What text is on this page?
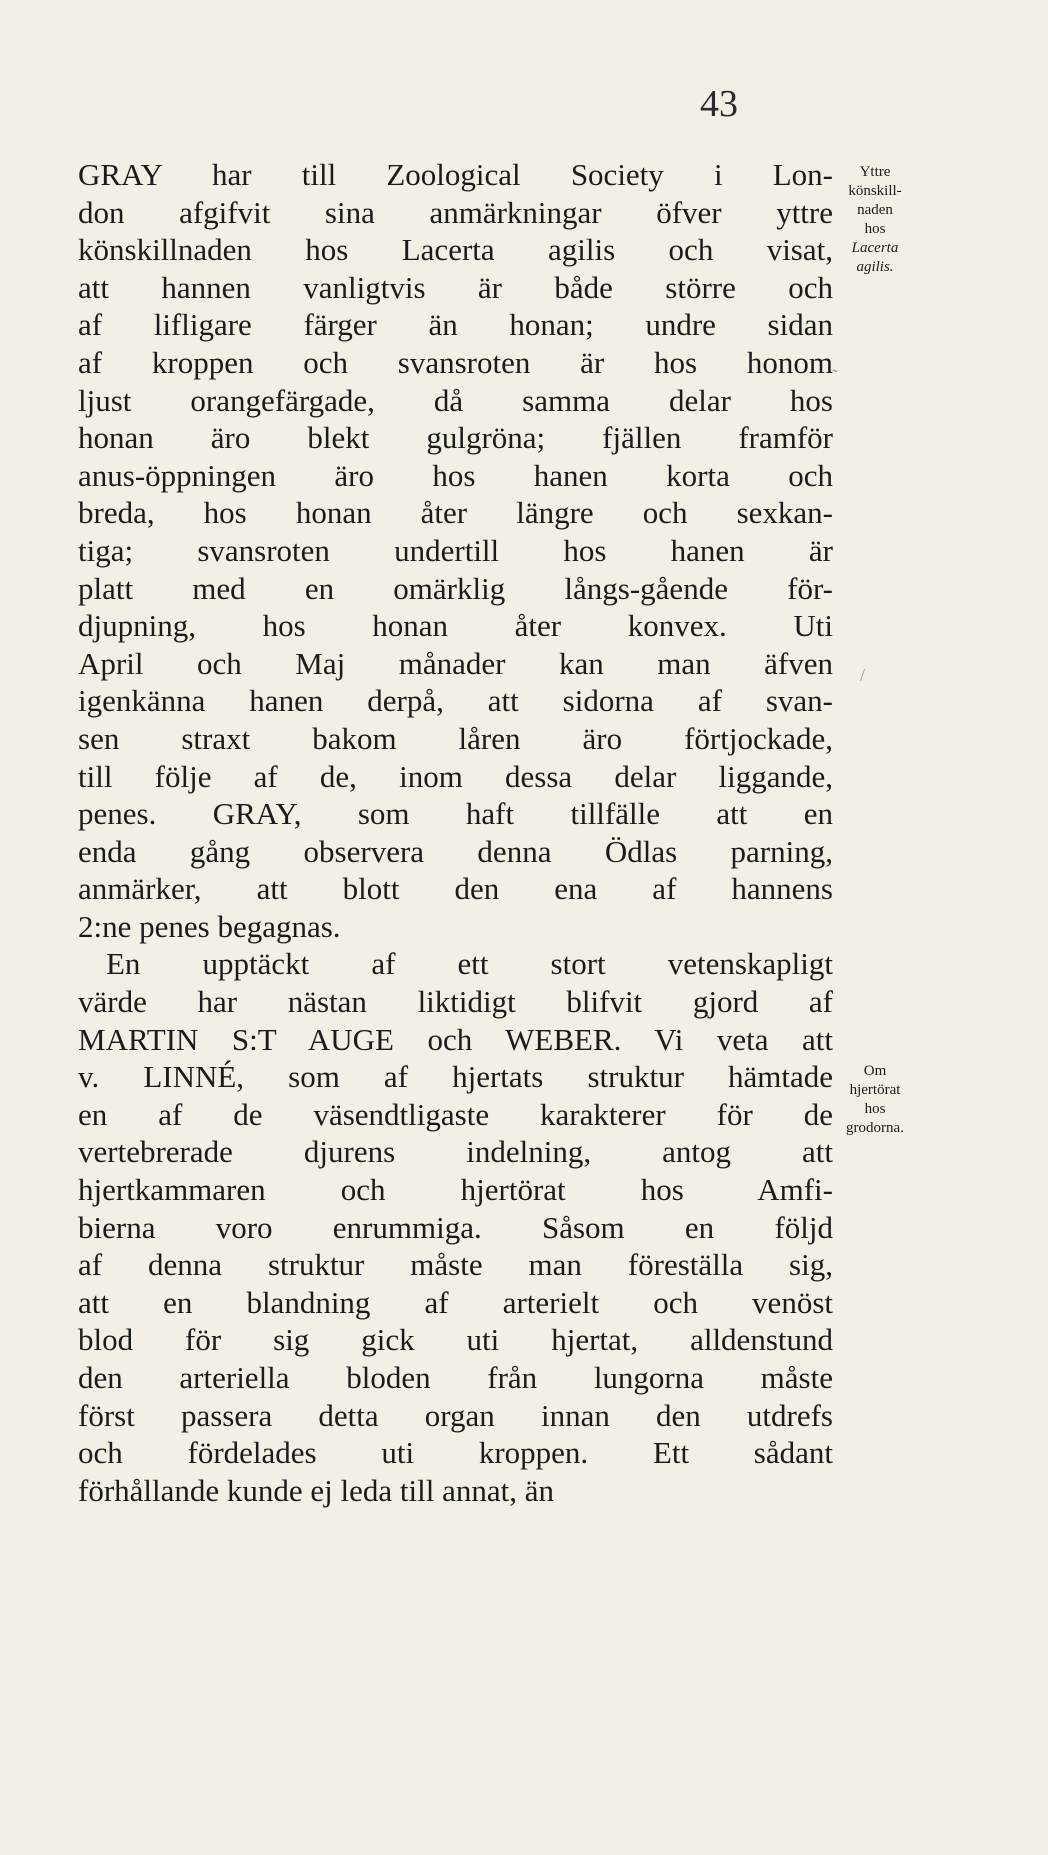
43
GRAY har till Zoological Society i Lon-
don afgifvit sina anmärkningar öfver yttre
könskillnaden hos Lacerta agilis och visat,
att hannen vanligtvis är både större och
af lifligare färger än honan; undre sidan
af kroppen och svansroten är hos honom
ljust orangefärgade, då samma delar hos
honan äro blekt gulgröna; fjällen framför
anus-öppningen äro hos hanen korta och
breda, hos honan åter längre och sexkan-
tiga; svansroten undertill hos hanen är
platt med en omärklig långs-gående för-
djupning, hos honan åter konvex. Uti
April och Maj månader kan man äfven
igenkänna hanen derpå, att sidorna af svan-
sen straxt bakom låren äro förtjockade,
till följe af de, inom dessa delar liggande,
penes. GRAY, som haft tillfälle att en
enda gång observera denna Ödlas parning,
anmärker, att blott den ena af hannens
2:ne penes begagnas.
En upptäckt af ett stort vetenskapligt
värde har nästan liktidigt blifvit gjord af
MARTIN S:T AUGE och WEBER. Vi veta att
v. LINNÉ, som af hjertats struktur hämtade
en af de väsendtligaste karakterer för de
vertebrerade djurens indelning, antog att
hjertkammaren och hjertörat hos Amfi-
bierna voro enrummiga. Såsom en följd
af denna struktur måste man föreställa sig,
att en blandning af arterielt och venöst
blod för sig gick uti hjertat, alldenstund
den arteriella bloden från lungorna måste
först passera detta organ innan den utdrefs
och fördelades uti kroppen. Ett sådant
förhållande kunde ej leda till annat, än
Yttre
könskill-
naden
hos
Lacerta
agilis.
Om
hjertörat
hos
grodorna.
/
˜
